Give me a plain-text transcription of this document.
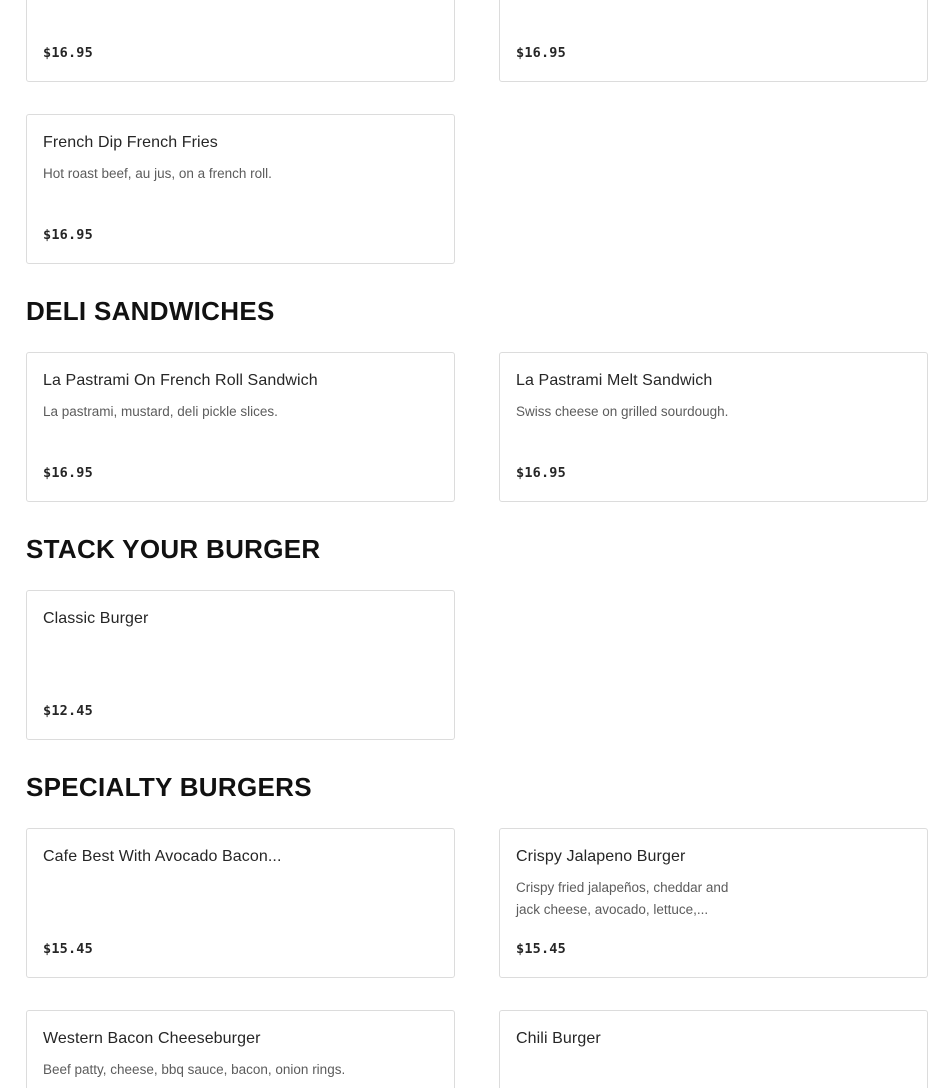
$16.95	$16.95
French Dip French Fries
Hot roast beef, au jus, on a french roll.
$16.95
DELI SANDWICHES
La Pastrami On French Roll Sandwich
La pastrami, mustard, deli pickle slices.
$16.95
La Pastrami Melt Sandwich
Swiss cheese on grilled sourdough.
$16.95
STACK YOUR BURGER
Classic Burger
$12.45
SPECIALTY BURGERS
Cafe Best With Avocado Bacon...
$15.45
Crispy Jalapeno Burger
Crispy fried jalapeños, cheddar and jack cheese, avocado, lettuce,...
$15.45
Western Bacon Cheeseburger
Beef patty, cheese, bbq sauce, bacon, onion rings.
Chili Burger
